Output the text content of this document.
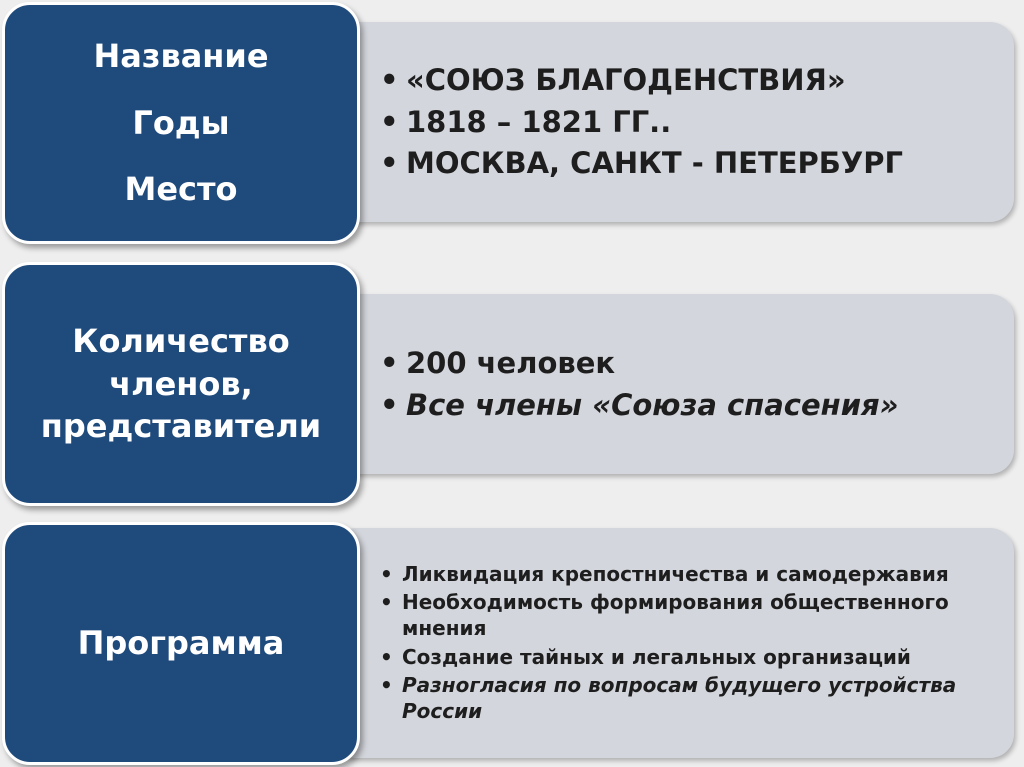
Название
Годы
Место
• «СОЮЗ БЛАГОДЕНСТВИЯ»
• 1818 – 1821 ГГ..
• МОСКВА, САНКТ - ПЕТЕРБУРГ
Количество
членов,
представители
• 200 человек
• Все члены «Союза спасения»
Программа
• Ликвидация крепостничества и самодержавия
• Необходимость формирования общественного мнения
• Создание тайных и легальных организаций
• Разногласия по вопросам будущего устройства России
